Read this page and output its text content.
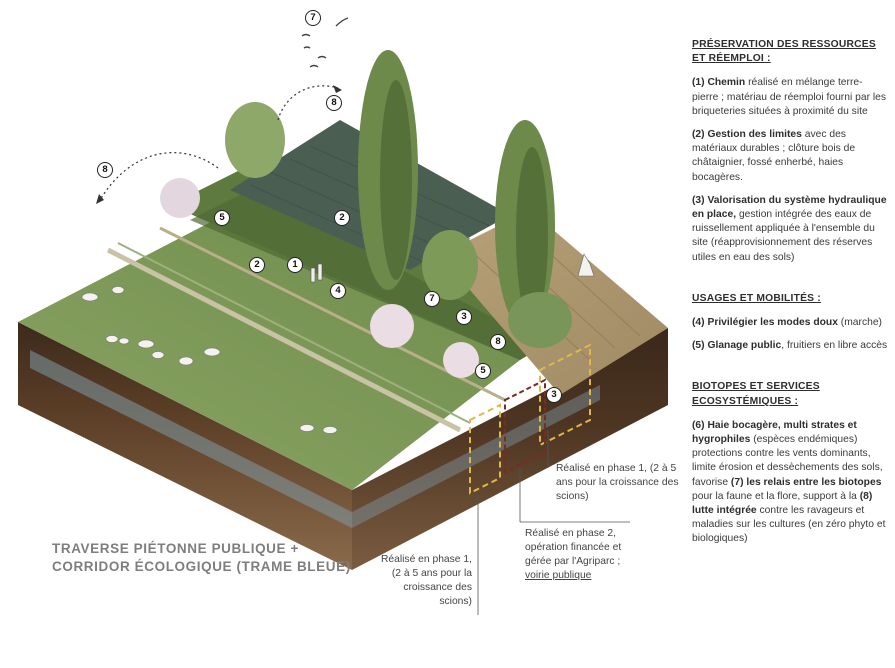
7
8
8
5	2
2	1
4
7
3
8
5
3
TRAVERSE PIÉTONNE PUBLIQUE +
CORRIDOR ÉCOLOGIQUE (TRAME BLEUE)
Réalisé en phase 1, (2 à 5 ans pour la croissance des scions)
Réalisé en phase 2, opération financée et gérée par l'Agriparc ; voirie publique
Réalisé en phase 1, (2 à 5 ans pour la croissance des scions)
PRÉSERVATION DES RESSOURCES
ET RÉEMPLOI :
(1) Chemin réalisé en mélange terre-pierre ; matériau de réemploi fourni par les briqueteries situées à proximité du site
(2) Gestion des limites avec des matériaux durables ; clôture bois de châtaignier, fossé enherbé, haies bocagères.
(3) Valorisation du système hydraulique en place, gestion intégrée des eaux de ruissellement appliquée à l'ensemble du site (réapprovisionnement des réserves utiles en eau des sols)
USAGES ET MOBILITÉS :
(4) Privilégier les modes doux (marche)
(5) Glanage public, fruitiers en libre accès
BIOTOPES ET SERVICES
ECOSYSTÉMIQUES :
(6) Haie bocagère, multi strates et hygrophiles (espèces endémiques) protections contre les vents dominants, limite érosion et dessèchements des sols, favorise (7) les relais entre les biotopes pour la faune et la flore, support à la (8) lutte intégrée contre les ravageurs et maladies sur les cultures (en zéro phyto et biologiques)
